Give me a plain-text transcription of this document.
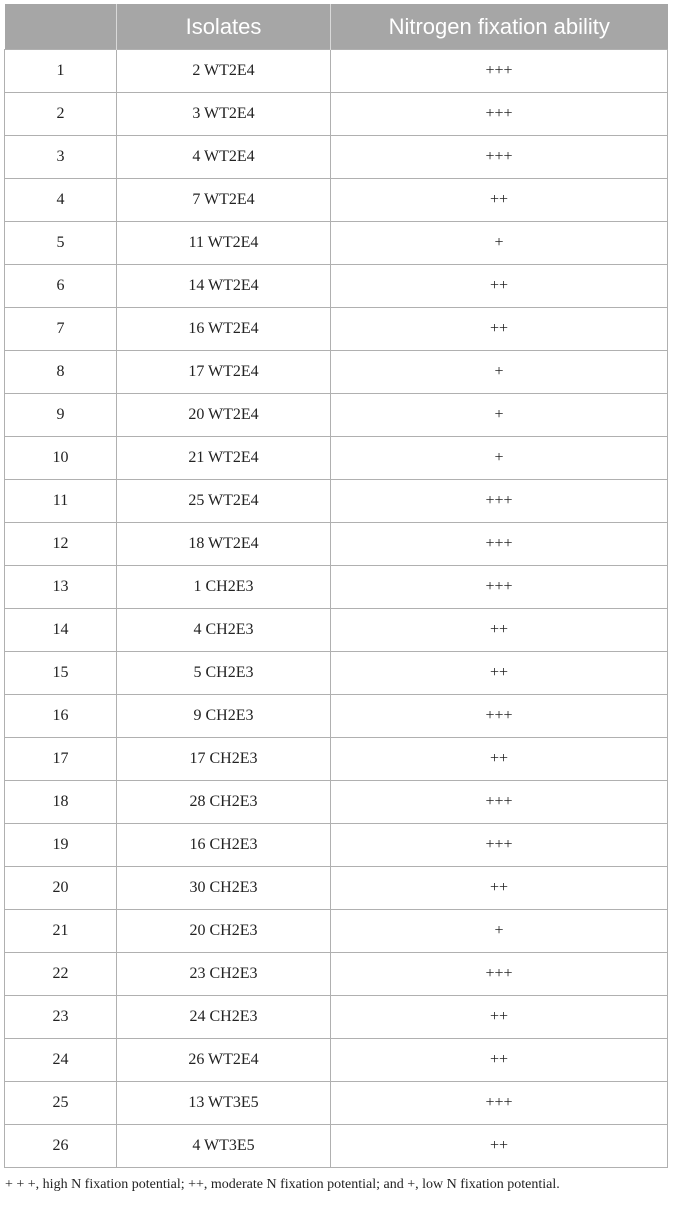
	Isolates	Nitrogen fixation ability
1	2 WT2E4	+++
2	3 WT2E4	+++
3	4 WT2E4	+++
4	7 WT2E4	++
5	11 WT2E4	+
6	14 WT2E4	++
7	16 WT2E4	++
8	17 WT2E4	+
9	20 WT2E4	+
10	21 WT2E4	+
11	25 WT2E4	+++
12	18 WT2E4	+++
13	1 CH2E3	+++
14	4 CH2E3	++
15	5 CH2E3	++
16	9 CH2E3	+++
17	17 CH2E3	++
18	28 CH2E3	+++
19	16 CH2E3	+++
20	30 CH2E3	++
21	20 CH2E3	+
22	23 CH2E3	+++
23	24 CH2E3	++
24	26 WT2E4	++
25	13 WT3E5	+++
26	4 WT3E5	++
+ + +, high N fixation potential; ++, moderate N fixation potential; and +, low N fixation potential.
